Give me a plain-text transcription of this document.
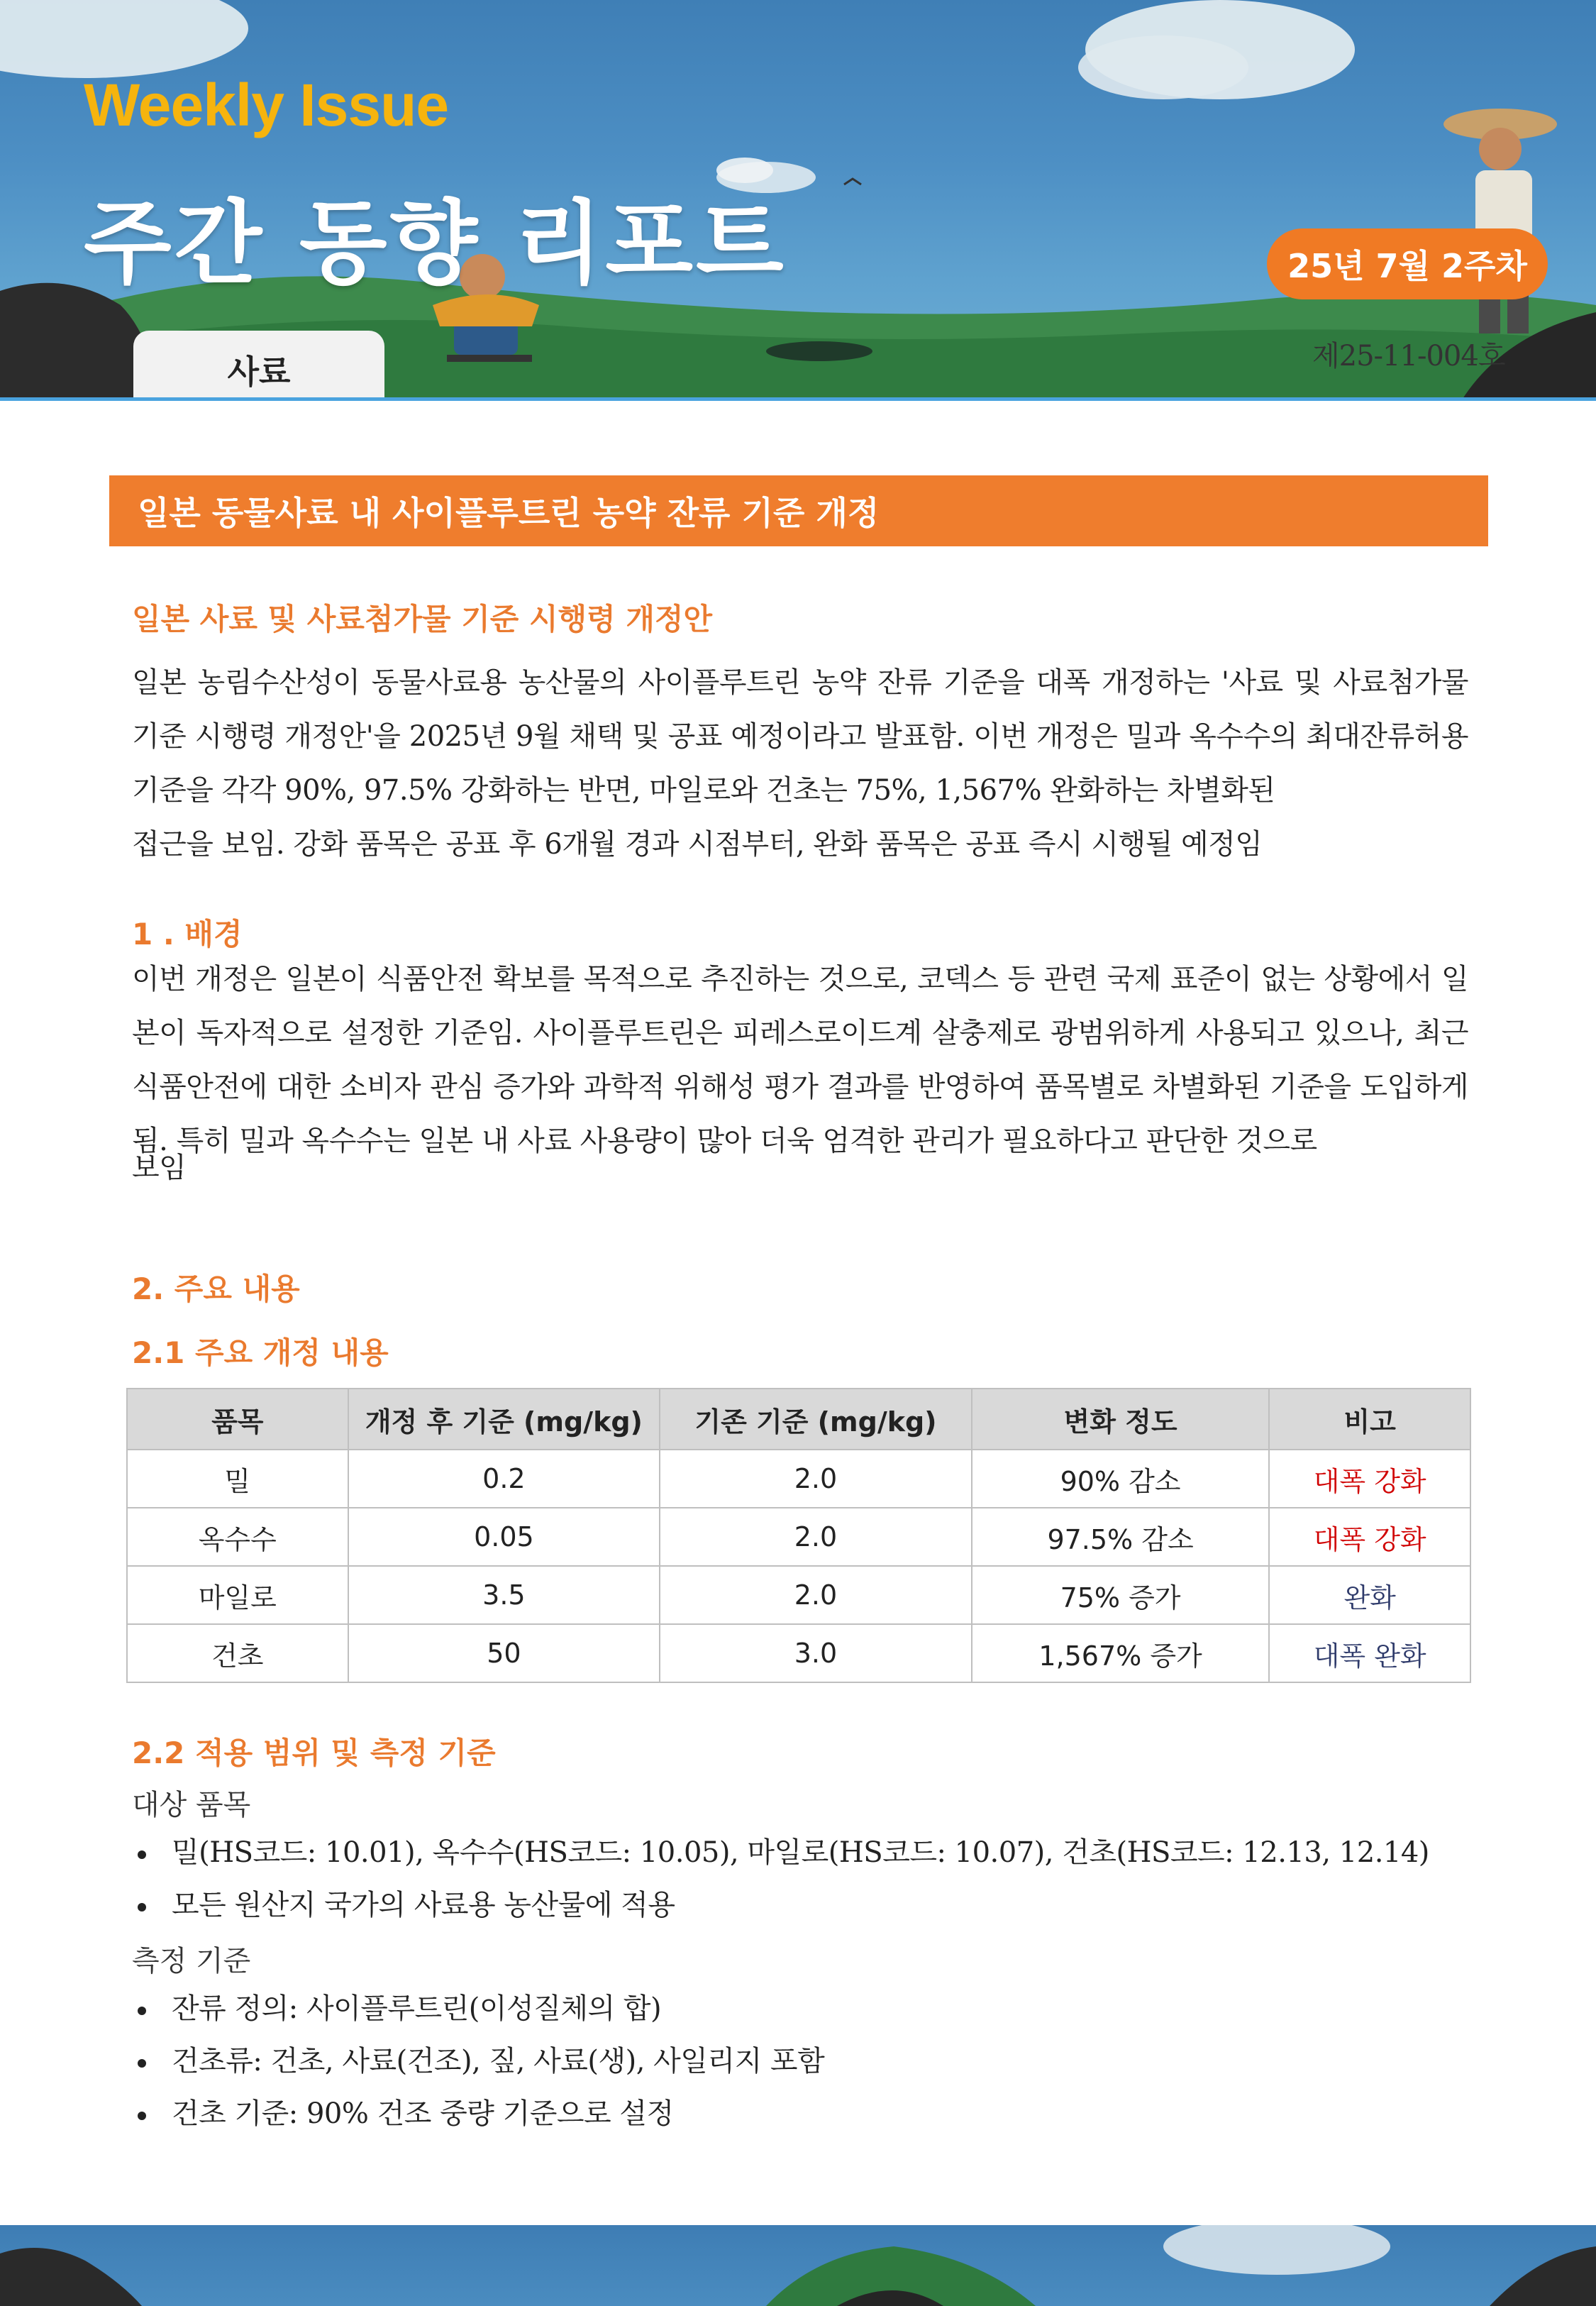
Weekly Issue
주간 동향 리포트	25년 7월 2주차
제25-11-004호
사료
일본 동물사료 내 사이플루트린 농약 잔류 기준 개정
일본 사료 및 사료첨가물 기준 시행령 개정안
일본 농림수산성이 동물사료용 농산물의 사이플루트린 농약 잔류 기준을 대폭 개정하는 '사료 및 사료첨가물 기준 시행령 개정안'을 2025년 9월 채택 및 공표 예정이라고 발표함. 이번 개정은 밀과 옥수수의 최대잔류허용기준을 각각 90%, 97.5% 강화하는 반면, 마일로와 건초는 75%, 1,567% 완화하는 차별화된
접근을 보임. 강화 품목은 공표 후 6개월 경과 시점부터, 완화 품목은 공표 즉시 시행될 예정임
1 . 배경
이번 개정은 일본이 식품안전 확보를 목적으로 추진하는 것으로, 코덱스 등 관련 국제 표준이 없는 상황에서 일본이 독자적으로 설정한 기준임. 사이플루트린은 피레스로이드계 살충제로 광범위하게 사용되고 있으나, 최근 식품안전에 대한 소비자 관심 증가와 과학적 위해성 평가 결과를 반영하여 품목별로 차별화된 기준을 도입하게 됨. 특히 밀과 옥수수는 일본 내 사료 사용량이 많아 더욱 엄격한 관리가 필요하다고 판단한 것으로
보임
2. 주요 내용
2.1 주요 개정 내용
품목	개정 후 기준 (mg/kg)	기존 기준 (mg/kg)	변화 정도	비고
밀	0.2	2.0	90% 감소	대폭 강화
옥수수	0.05	2.0	97.5% 감소	대폭 강화
마일로	3.5	2.0	75% 증가	완화
건초	50	3.0	1,567% 증가	대폭 완화
2.2 적용 범위 및 측정 기준
대상 품목
밀(HS코드: 10.01), 옥수수(HS코드: 10.05), 마일로(HS코드: 10.07), 건초(HS코드: 12.13, 12.14)
모든 원산지 국가의 사료용 농산물에 적용
측정 기준
잔류 정의: 사이플루트린(이성질체의 합)
건초류: 건초, 사료(건조), 짚, 사료(생), 사일리지 포함
건초 기준: 90% 건조 중량 기준으로 설정
